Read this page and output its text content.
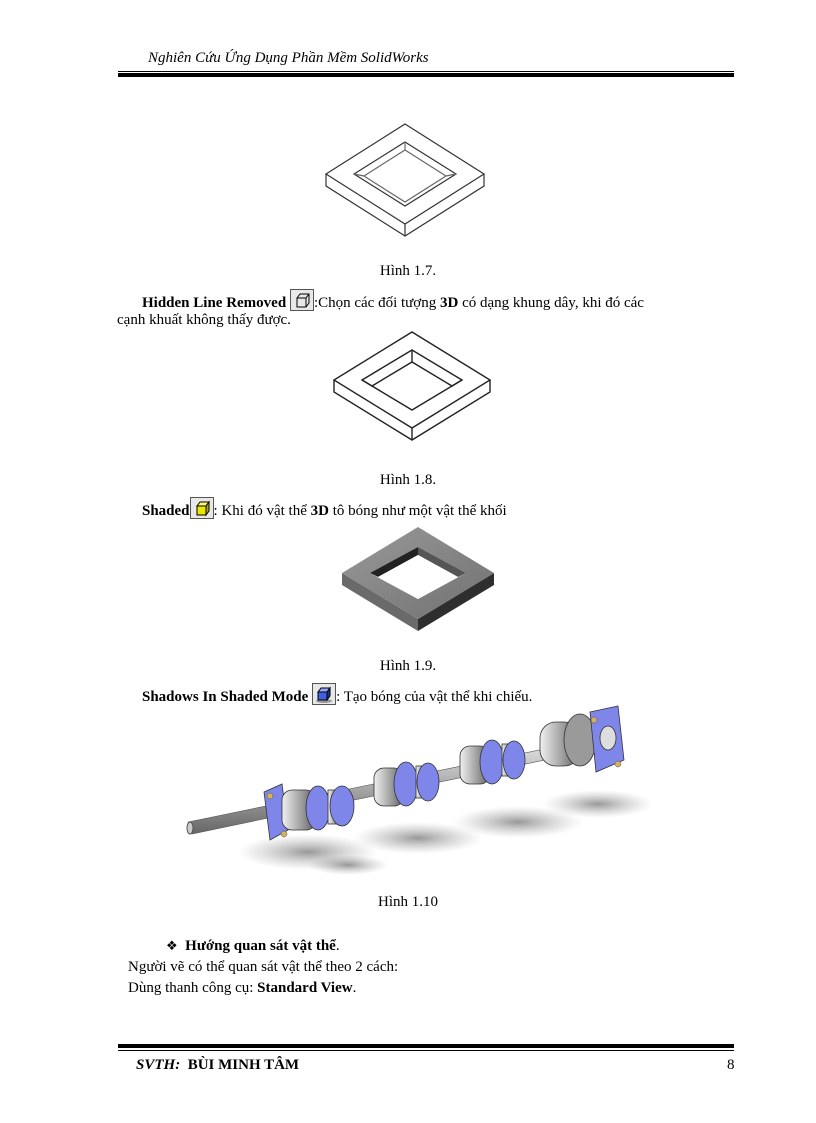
Nghiên Cứu Ứng Dụng Phần Mềm SolidWorks
Hình 1.7.
Hidden Line Removed :Chọn các đối tượng 3D có dạng khung dây, khi đó các
cạnh khuất không thấy được.
Hình 1.8.
Shaded : Khi đó vật thể 3D tô bóng như một vật thể khối
Hình 1.9.
Shadows In Shaded Mode : Tạo bóng của vật thể khi chiếu.
Hình 1.10
❖ Hướng quan sát vật thể.
Người vẽ có thể quan sát vật thể theo 2 cách:
Dùng thanh công cụ: Standard View.
SVTH: BÙI MINH TÂM	8
